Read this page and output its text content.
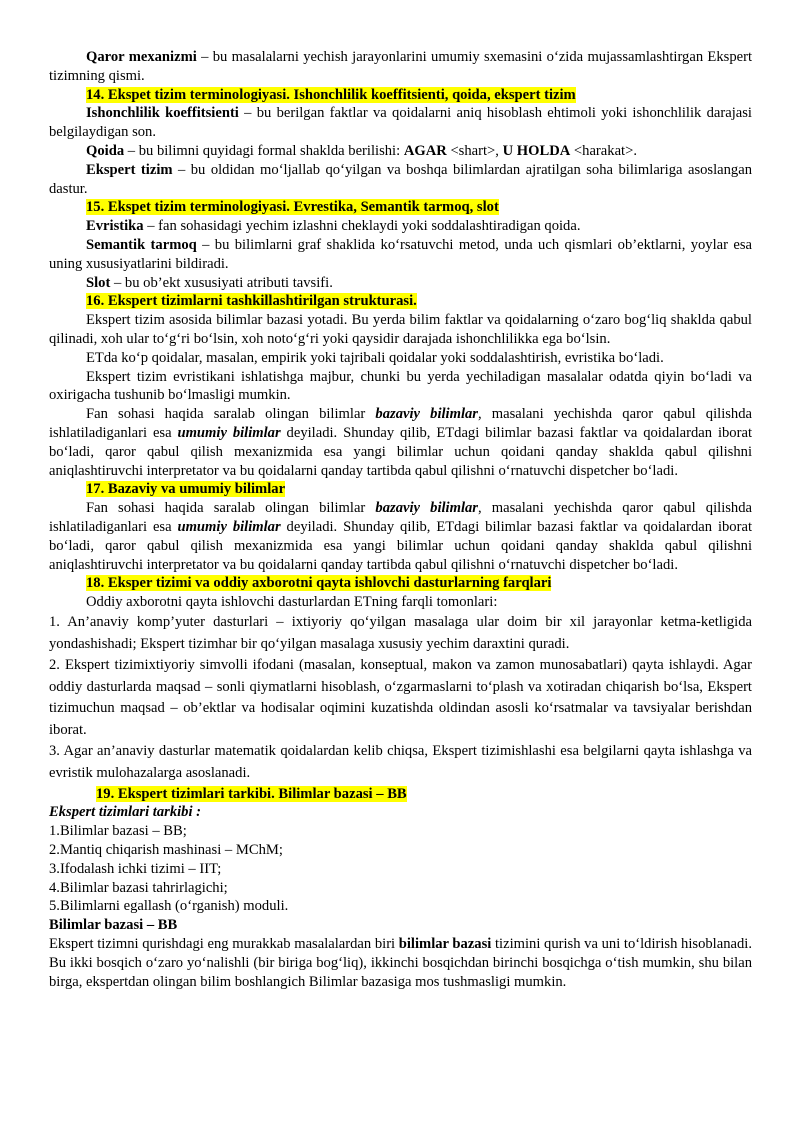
Qaror mexanizmi – bu masalalarni yechish jarayonlarini umumiy sxemasini o‘zida mujassamlashtirgan Ekspert tizimning qismi.

14. Ekspet tizim terminologiyasi. Ishonchlilik koeffitsienti, qoida, ekspert tizim

Ishonchlilik koeffitsienti – bu berilgan faktlar va qoidalarni aniq hisoblash ehtimoli yoki ishonchlilik darajasi belgilaydigan son.

Qoida – bu bilimni quyidagi formal shaklda berilishi: AGAR <shart>, U HOLDA <harakat>.

Ekspert tizim – bu oldidan mo‘ljallab qo‘yilgan va boshqa bilimlardan ajratilgan soha bilimlariga asoslangan dastur.

15. Ekspet tizim terminologiyasi. Evrestika, Semantik tarmoq, slot

Evristika – fan sohasidagi yechim izlashni cheklaydi yoki soddalashtiradigan qoida.

Semantik tarmoq – bu bilimlarni graf shaklida ko‘rsatuvchi metod, unda uch qismlari ob’ektlarni, yoylar esa uning xususiyatlarini bildiradi.

Slot – bu ob’ekt xususiyati atributi tavsifi.

16. Ekspert tizimlarni tashkillashtirilgan strukturasi.

Ekspert tizim asosida bilimlar bazasi yotadi. Bu yerda bilim faktlar va qoidalarning o‘zaro bog‘liq shaklda qabul qilinadi, xoh ular to‘g‘ri bo‘lsin, xoh noto‘g‘ri yoki qaysidir darajada ishonchlilikka ega bo‘lsin.

ETda ko‘p qoidalar, masalan, empirik yoki tajribali qoidalar yoki soddalashtirish, evristika bo‘ladi.

Ekspert tizim evristikani ishlatishga majbur, chunki bu yerda yechiladigan masalalar odatda qiyin bo‘ladi va oxirigacha tushunib bo‘lmasligi mumkin.

Fan sohasi haqida saralab olingan bilimlar bazaviy bilimlar, masalani yechishda qaror qabul qilishda ishlatiladiganlari esa umumiy bilimlar deyiladi. Shunday qilib, ETdagi bilimlar bazasi faktlar va qoidalardan iborat bo‘ladi, qaror qabul qilish mexanizmida esa yangi bilimlar uchun qoidani qanday shaklda qabul qilishni aniqlashtiruvchi interpretator va bu qoidalarni qanday tartibda qabul qilishni o‘rnatuvchi dispetcher bo‘ladi.

17. Bazaviy va umumiy bilimlar

Fan sohasi haqida saralab olingan bilimlar bazaviy bilimlar, masalani yechishda qaror qabul qilishda ishlatiladiganlari esa umumiy bilimlar deyiladi. Shunday qilib, ETdagi bilimlar bazasi faktlar va qoidalardan iborat bo‘ladi, qaror qabul qilish mexanizmida esa yangi bilimlar uchun qoidani qanday shaklda qabul qilishni aniqlashtiruvchi interpretator va bu qoidalarni qanday tartibda qabul qilishni o‘rnatuvchi dispetcher bo‘ladi.

18. Eksper tizimi va oddiy axborotni qayta ishlovchi dasturlarning farqlari

Oddiy axborotni qayta ishlovchi dasturlardan ETning farqli tomonlari:

1. An’anaviy komp’yuter dasturlari – ixtiyoriy qo‘yilgan masalaga ular doim bir xil jarayonlar ketma-ketligida yondashishadi; Ekspert tizimhar bir qo‘yilgan masalaga xususiy yechim daraxtini quradi.

2. Ekspert tizimixtiyoriy simvolli ifodani (masalan, konseptual, makon va zamon munosabatlari) qayta ishlaydi. Agar oddiy dasturlarda maqsad – sonli qiymatlarni hisoblash, o‘zgarmaslarni to‘plash va xotiradan chiqarish bo‘lsa, Ekspert tizimuchun maqsad – ob’ektlar va hodisalar oqimini kuzatishda oldindan asosli ko‘rsatmalar va tavsiyalar berishdan iborat.

3. Agar an’anaviy dasturlar matematik qoidalardan kelib chiqsa, Ekspert tizimishlashi esa belgilarni qayta ishlashga va evristik mulohazalarga asoslanadi.

19. Ekspert tizimlari tarkibi. Bilimlar bazasi – BB

Ekspert tizimlari tarkibi :

1.Bilimlar bazasi – BB;

2.Mantiq chiqarish mashinasi – MChM;

3.Ifodalash ichki tizimi – IIT;

4.Bilimlar bazasi tahrirlagichi;

5.Bilimlarni egallash (o‘rganish) moduli.

Bilimlar bazasi – BB

Ekspert tizimni qurishdagi eng murakkab masalalardan biri bilimlar bazasi tizimini qurish va uni to‘ldirish hisoblanadi. Bu ikki bosqich o‘zaro yo‘nalishli (bir biriga bog‘liq), ikkinchi bosqichdan birinchi bosqichga o‘tish mumkin, shu bilan birga, ekspertdan olingan bilim boshlangich Bilimlar bazasiga mos tushmasligi mumkin.
